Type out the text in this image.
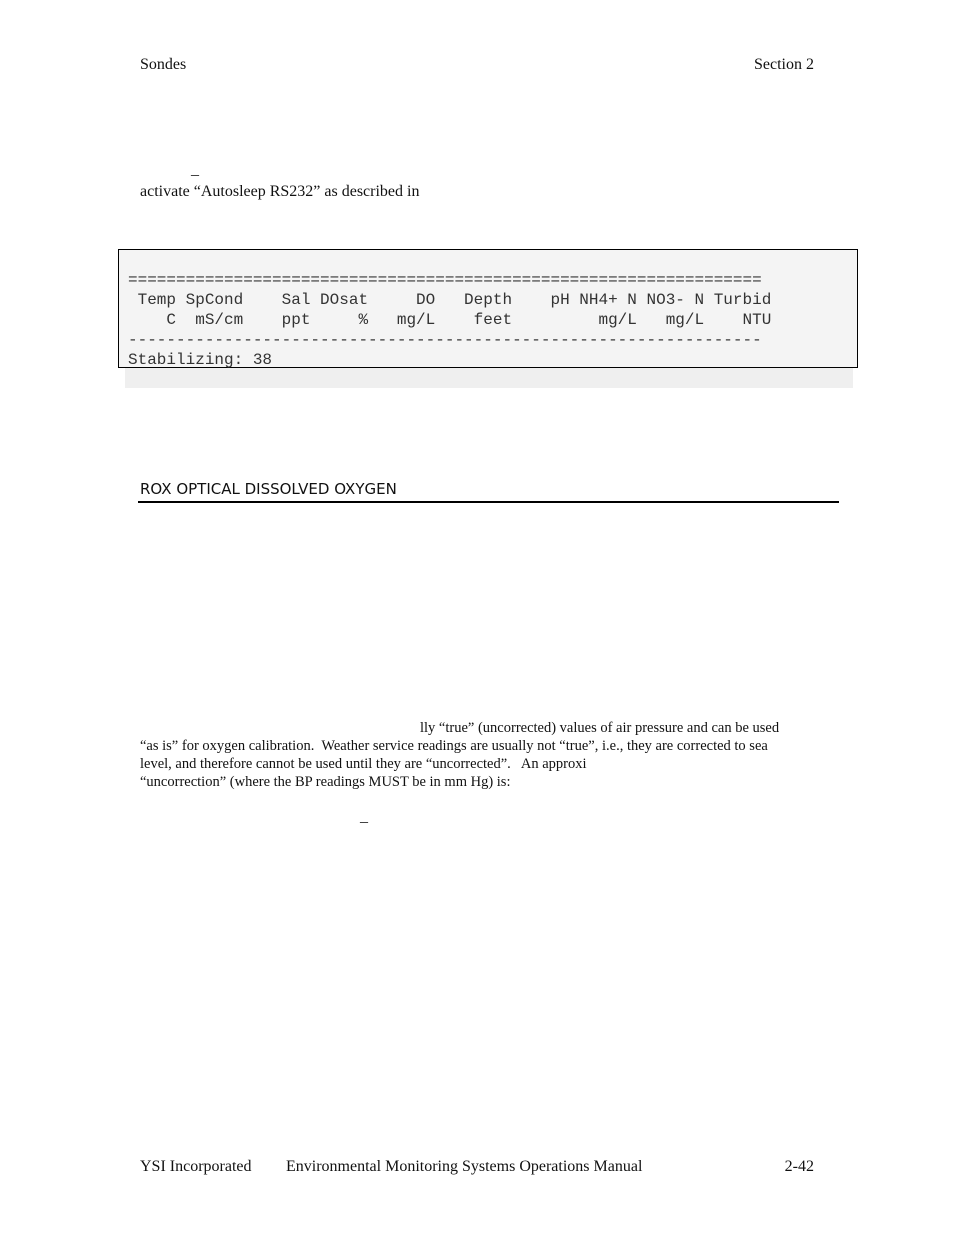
Sondes	Section 2
_
activate “Autosleep RS232” as described in
==================================================================
Temp SpCond    Sal DOsat     DO   Depth    pH NH4+ N NO3- N Turbid
C  mS/cm    ppt     %   mg/L    feet         mg/L   mg/L    NTU
------------------------------------------------------------------
Stabilizing: 38
ROX OPTICAL DISSOLVED OXYGEN
lly “true” (uncorrected) values of air pressure and can be used
“as is” for oxygen calibration.  Weather service readings are usually not “true”, i.e., they are corrected to sea
level, and therefore cannot be used until they are “uncorrected”.   An approxi
“uncorrection” (where the BP readings MUST be in mm Hg) is:
_
YSI Incorporated Environmental Monitoring Systems Operations Manual	2-42
